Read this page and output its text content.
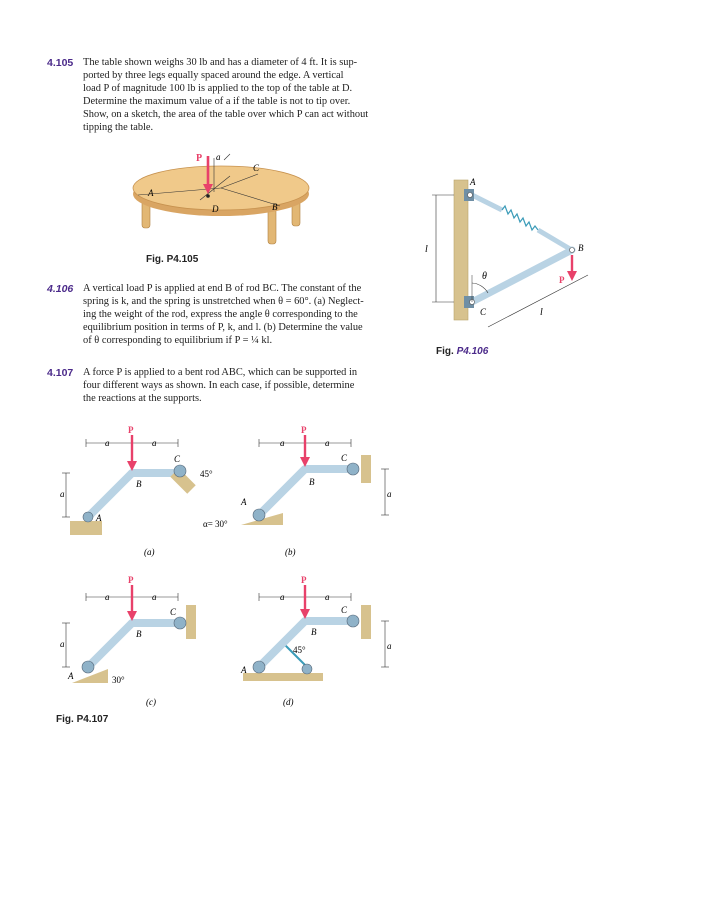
4.105 The table shown weighs 30 lb and has a diameter of 4 ft. It is sup-
ported by three legs equally spaced around the edge. A vertical
load P of magnitude 100 lb is applied to the top of the table at D.
Determine the maximum value of a if the table is not to tip over.
Show, on a sketch, the area of the table over which P can act without
tipping the table.
P a
C
A
D	B
Fig. P4.105
4.106 A vertical load P is applied at end B of rod BC. The constant of the
spring is k, and the spring is unstretched when θ = 60°. (a) Neglect-
ing the weight of the rod, express the angle θ corresponding to the
equilibrium position in terms of P, k, and l. (b) Determine the value
of θ corresponding to equilibrium if P = ¼ kl.
l
A
B
P
θ
C	l
Fig. P4.106
4.107 A force P is applied to a bent rod ABC, which can be supported in
four different ways as shown. In each case, if possible, determine
the reactions at the supports.
a	a
a
P
B
C
A
45°
(a)
a	a
a
P
B
C
A
α= 30°
(b)
a	a
a
P
B
C
A	30°
(c)
a	a
a
P
B
C
A
45°
(d)
Fig. P4.107
